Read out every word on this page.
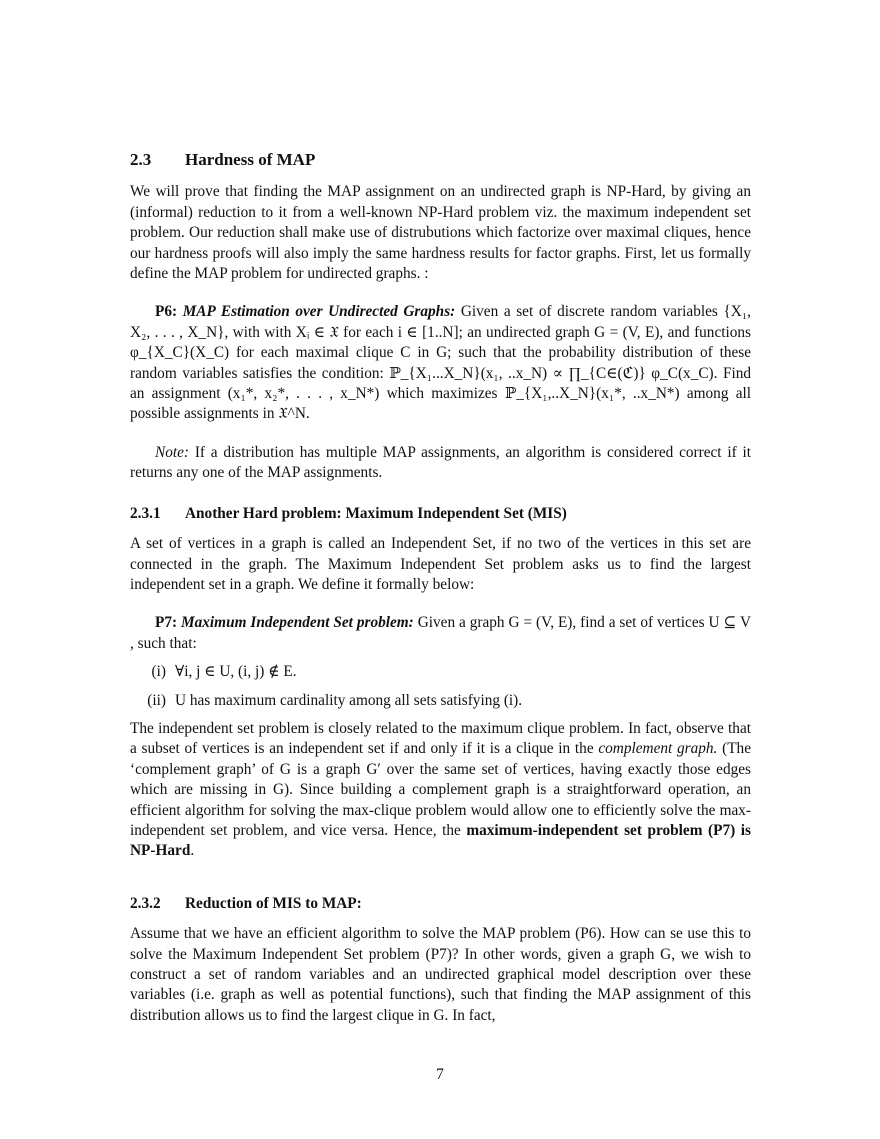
2.3 Hardness of MAP

We will prove that finding the MAP assignment on an undirected graph is NP-Hard, by giving an (informal) reduction to it from a well-known NP-Hard problem viz. the maximum independent set problem. Our reduction shall make use of distrubutions which factorize over maximal cliques, hence our hardness proofs will also imply the same hardness results for factor graphs. First, let us formally define the MAP problem for undirected graphs. :

P6: MAP Estimation over Undirected Graphs: Given a set of discrete random variables {X₁, X₂, . . . , X_N}, with with Xᵢ ∈ 𝔛 for each i ∈ [1..N]; an undirected graph G = (V, E), and functions φ_{X_C}(X_C) for each maximal clique C in G; such that the probability distribution of these random variables satisfies the condition: ℙ_{X₁...X_N}(x₁, ..x_N) ∝ ∏_{C∈(ℭ)} φ_C(x_C). Find an assignment (x₁*, x₂*, . . . , x_N*) which maximizes ℙ_{X₁,..X_N}(x₁*, ..x_N*) among all possible assignments in 𝔛^N.

Note: If a distribution has multiple MAP assignments, an algorithm is considered correct if it returns any one of the MAP assignments.

2.3.1 Another Hard problem: Maximum Independent Set (MIS)

A set of vertices in a graph is called an Independent Set, if no two of the vertices in this set are connected in the graph. The Maximum Independent Set problem asks us to find the largest independent set in a graph. We define it formally below:

P7: Maximum Independent Set problem: Given a graph G = (V, E), find a set of vertices U ⊆ V , such that:

(i) ∀i, j ∈ U, (i, j) ∉ E.
(ii) U has maximum cardinality among all sets satisfying (i).

The independent set problem is closely related to the maximum clique problem. In fact, observe that a subset of vertices is an independent set if and only if it is a clique in the complement graph. (The ‘complement graph’ of G is a graph G′ over the same set of vertices, having exactly those edges which are missing in G). Since building a complement graph is a straightforward operation, an efficient algorithm for solving the max-clique problem would allow one to efficiently solve the max-independent set problem, and vice versa. Hence, the maximum-independent set problem (P7) is NP-Hard.

2.3.2 Reduction of MIS to MAP:

Assume that we have an efficient algorithm to solve the MAP problem (P6). How can se use this to solve the Maximum Independent Set problem (P7)? In other words, given a graph G, we wish to construct a set of random variables and an undirected graphical model description over these variables (i.e. graph as well as potential functions), such that finding the MAP assignment of this distribution allows us to find the largest clique in G. In fact,

7
